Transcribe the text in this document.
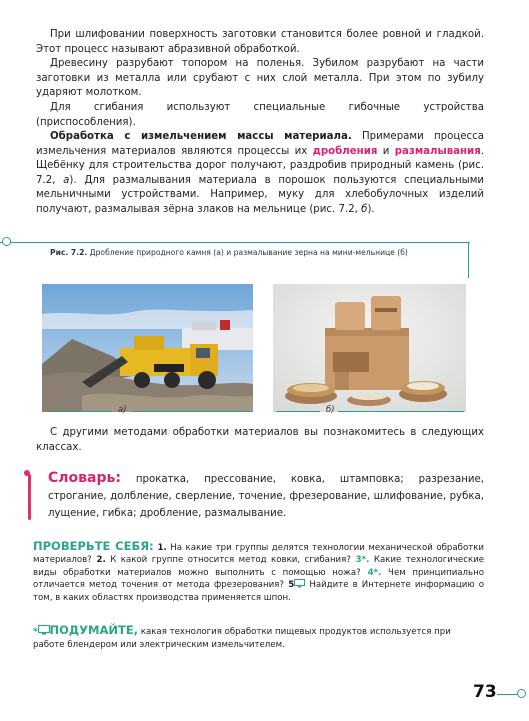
При шлифовании поверхность заготовки становится более ровной и гладкой. Этот процесс называют абразивной обработкой.

Древесину разрубают топором на поленья. Зубилом разрубают на части заготовки из металла или срубают с них слой металла. При этом по зубилу ударяют молотком.

Для сгибания используют специальные гибочные устройства (приспособления).

Обработка с измельчением массы материала. Примерами процесса измельчения материалов являются процессы их дробления и размалывания. Щебёнку для строительства дорог получают, раздробив природный камень (рис. 7.2, а). Для размалывания материала в порошок пользуются специальными мельничными устройствами. Например, муку для хлебобулочных изделий получают, размалывая зёрна злаков на мельнице (рис. 7.2, б).

Рис. 7.2. Дробление природного камня (а) и размалывание зерна на мини-мельнице (б)

а)	б)

С другими методами обработки материалов вы познакомитесь в следующих классах.

Словарь: прокатка, прессование, ковка, штамповка; разрезание, строгание, долбление, сверление, точение, фрезерование, шлифование, рубка, лущение, гибка; дробление, размалывание.

ПРОВЕРЬТЕ СЕБЯ: 1. На какие три группы делятся технологии механической обработки материалов? 2. К какой группе относится метод ковки, сгибания? 3*. Какие технологические виды обработки материалов можно выполнить с помощью ножа? 4*. Чем принципиально отличается метод точения от метода фрезерования? 5 Найдите в Интернете информацию о том, в каких областях производства применяется шпон.

* ПОДУМАЙТЕ, какая технология обработки пищевых продуктов используется при работе блендером или электрическим измельчителем.

73
